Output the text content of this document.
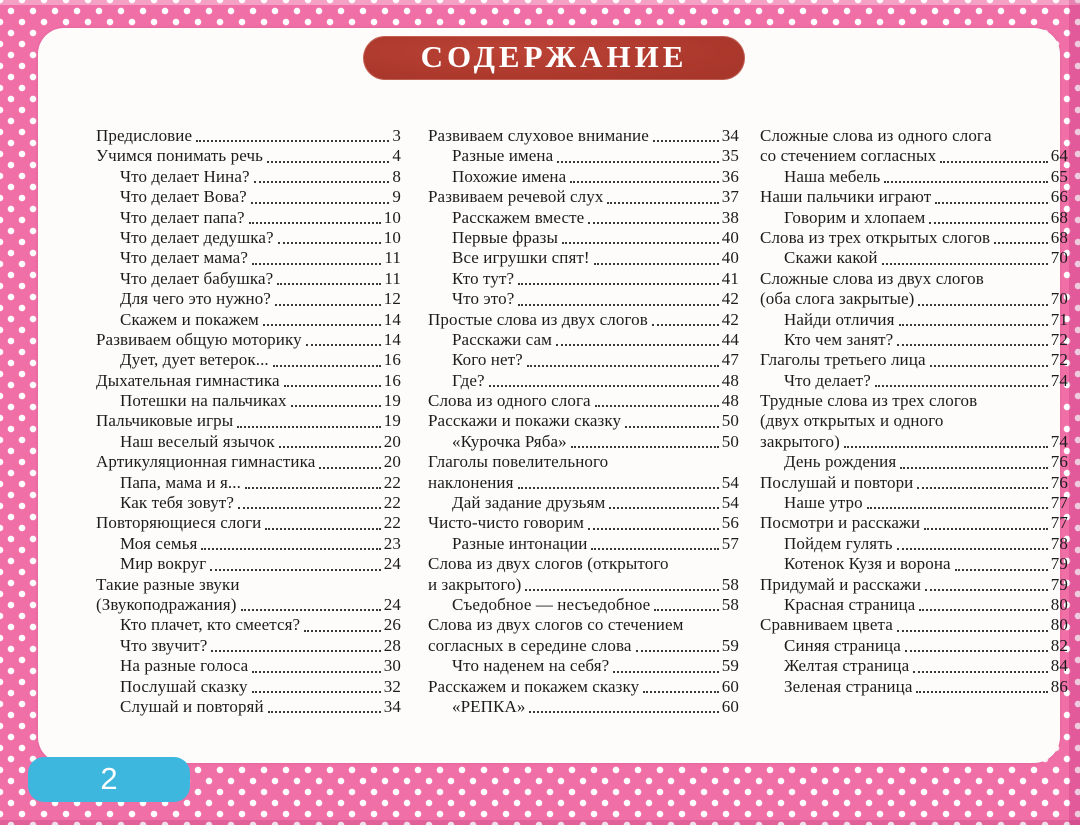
Предисловие	3
Учимся понимать речь	4
Что делает Нина?	8
Что делает Вова?	9
Что делает папа?	10
Что делает дедушка?	10
Что делает мама?	11
Что делает бабушка?	11
Для чего это нужно?	12
Скажем и покажем	14
Развиваем общую моторику	14
Дует, дует ветерок...	16
Дыхательная гимнастика	16
Потешки на пальчиках	19
Пальчиковые игры	19
Наш веселый язычок	20
Артикуляционная гимнастика	20
Папа, мама и я...	22
Как тебя зовут?	22
Повторяющиеся слоги	22
Моя семья	23
Мир вокруг	24
Такие разные звуки
(Звукоподражания)	24
Кто плачет, кто смеется?	26
Что звучит?	28
На разные голоса	30
Послушай сказку	32
Слушай и повторяй	34
Развиваем слуховое внимание	34
Разные имена	35
Похожие имена	36
Развиваем речевой слух	37
Расскажем вместе	38
Первые фразы	40
Все игрушки спят!	40
Кто тут?	41
Что это?	42
Простые слова из двух слогов	42
Расскажи сам	44
Кого нет?	47
Где?	48
Слова из одного слога	48
Расскажи и покажи сказку	50
«Курочка Ряба»	50
Глаголы повелительного
наклонения	54
Дай задание друзьям	54
Чисто-чисто говорим	56
Разные интонации	57
Слова из двух слогов (открытого
и закрытого)	58
Съедобное — несъедобное	58
Слова из двух слогов со стечением
согласных в середине слова	59
Что наденем на себя?	59
Расскажем и покажем сказку	60
«РЕПКА»	60
Сложные слова из одного слога
со стечением согласных	64
Наша мебель	65
Наши пальчики играют	66
Говорим и хлопаем	68
Слова из трех открытых слогов	68
Скажи какой	70
Сложные слова из двух слогов
(оба слога закрытые)	70
Найди отличия	71
Кто чем занят?	72
Глаголы третьего лица	72
Что делает?	74
Трудные слова из трех слогов
(двух открытых и одного
закрытого)	74
День рождения	76
Послушай и повтори	76
Наше утро	77
Посмотри и расскажи	77
Пойдем гулять	78
Котенок Кузя и ворона	79
Придумай и расскажи	79
Красная страница	80
Сравниваем цвета	80
Синяя страница	82
Желтая страница	84
Зеленая страница	86
СОДЕРЖАНИЕ
2
